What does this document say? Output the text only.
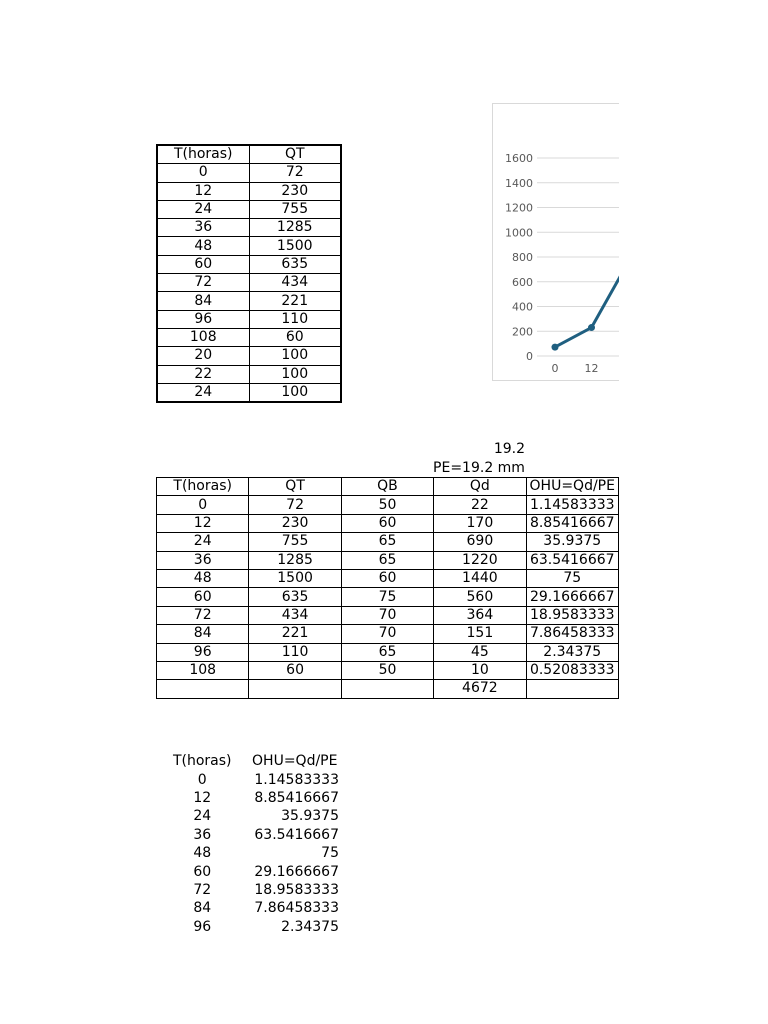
T(horas)	QT
0	72
12	230
24	755
36	1285
48	1500
60	635
72	434
84	221
96	110
108	60
20	100
22	100
24	100
19.2
PE=19.2 mm
T(horas)	QT	QB	Qd	OHU=Qd/PE
0	72	50	22	1.14583333
12	230	60	170	8.85416667
24	755	65	690	35.9375
36	1285	65	1220	63.5416667
48	1500	60	1440	75
60	635	75	560	29.1666667
72	434	70	364	18.9583333
84	221	70	151	7.86458333
96	110	65	45	2.34375
108	60	50	10	0.52083333
			4672	
T(horas)	OHU=Qd/PE
0	1.14583333
12	8.85416667
24	35.9375
36	63.5416667
48	75
60	29.1666667
72	18.9583333
84	7.86458333
96	2.34375
0
200
400
600
800
1000
1200
1400
1600
0 12
